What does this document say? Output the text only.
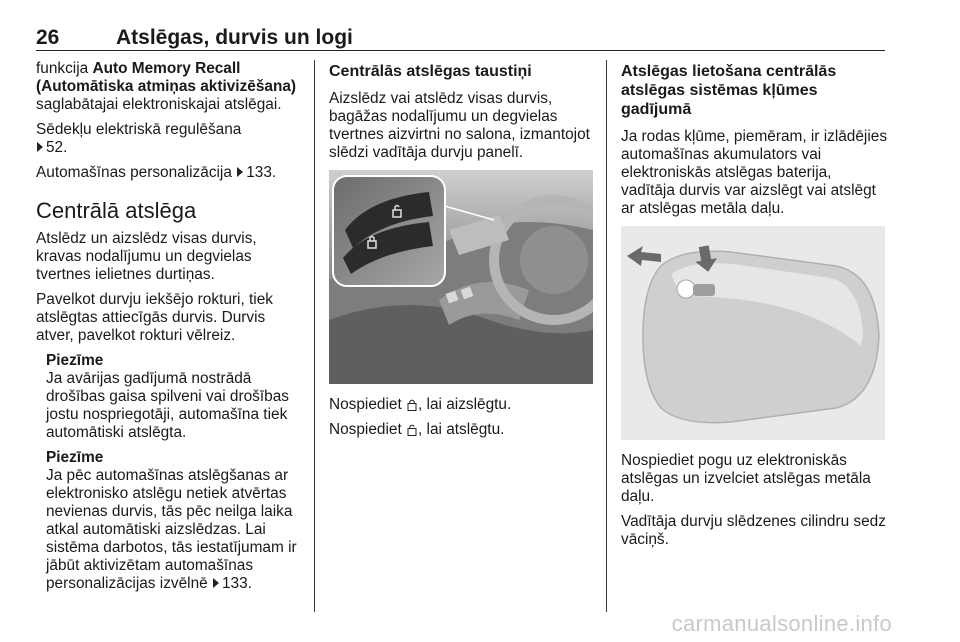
26	Atslēgas, durvis un logi

funkcija Auto Memory Recall (Automātiska atmiņas aktivizēšana) saglabātajai elektroniskajai atslēgai.

Sēdekļu elektriskā regulēšana
52.

Automašīnas personalizācija 133.

Centrālā atslēga

Atslēdz un aizslēdz visas durvis, kravas nodalījumu un degvielas tvertnes ielietnes durtiņas.

Pavelkot durvju iekšējo rokturi, tiek atslēgtas attiecīgās durvis. Durvis atver, pavelkot rokturi vēlreiz.

Piezīme
Ja avārijas gadījumā nostrādā drošības gaisa spilveni vai drošības jostu nospriegotāji, automašīna tiek automātiski atslēgta.
Piezīme
Ja pēc automašīnas atslēgšanas ar elektronisko atslēgu netiek atvērtas nevienas durvis, tās pēc neilga laika atkal automātiski aizslēdzas. Lai sistēma darbotos, tās iestatījumam ir jābūt aktivizētam automašīnas personalizācijas izvēlnē 133.
Centrālās atslēgas taustiņi

Aizslēdz vai atslēdz visas durvis, bagāžas nodalījumu un degvielas tvertnes aizvirtni no salona, izmantojot slēdzi vadītāja durvju panelī.

Nospiediet , lai aizslēgtu.

Nospiediet , lai atslēgtu.

Atslēgas lietošana centrālās atslēgas sistēmas kļūmes gadījumā

Ja rodas kļūme, piemēram, ir izlādējies automašīnas akumulators vai elektroniskās atslēgas baterija, vadītāja durvis var aizslēgt vai atslēgt ar atslēgas metāla daļu.

Nospiediet pogu uz elektroniskās atslēgas un izvelciet atslēgas metāla daļu.

Vadītāja durvju slēdzenes cilindru sedz vāciņš.

carmanualsonline.info
